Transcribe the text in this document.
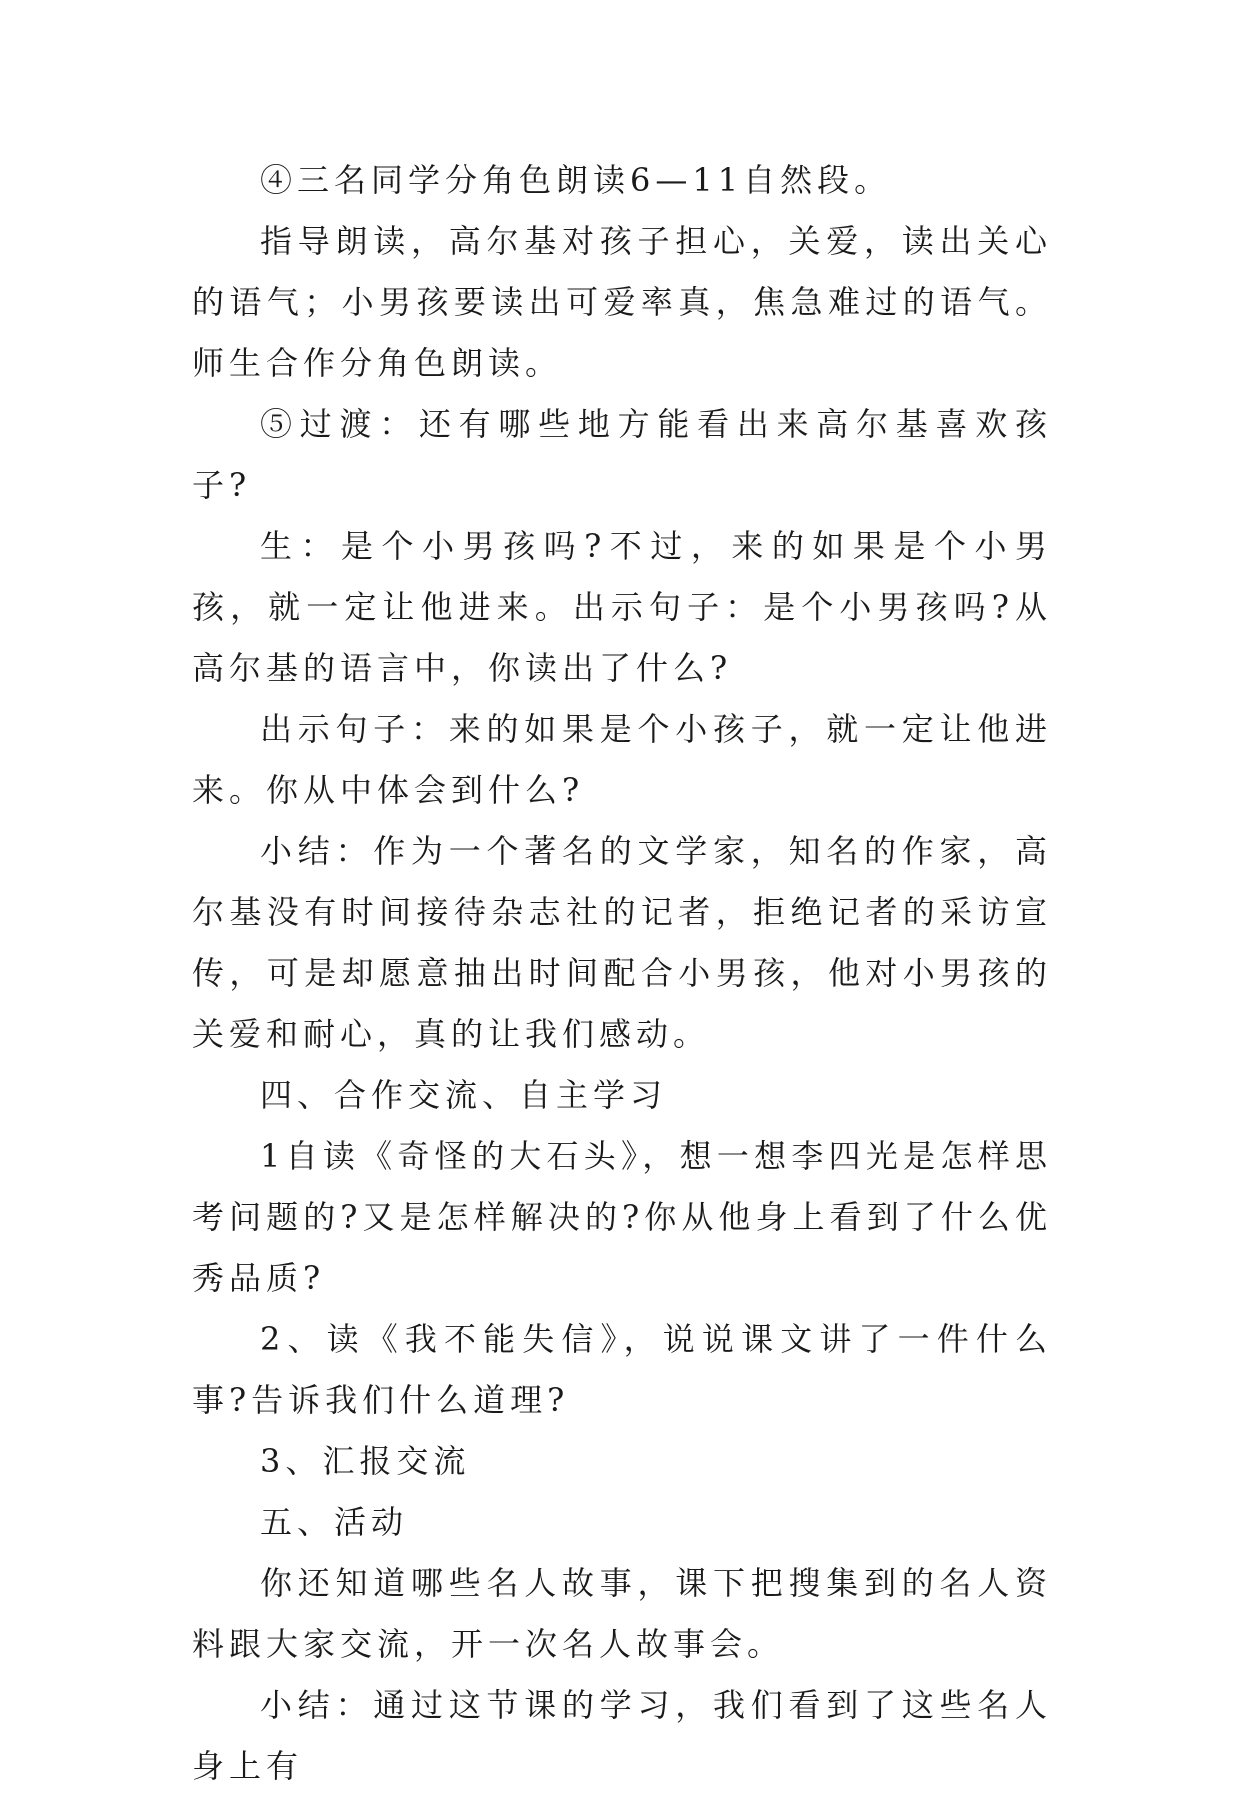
④三名同学分角色朗读6—11自然段。

指导朗读，高尔基对孩子担心，关爱，读出关心的语气；小男孩要读出可爱率真，焦急难过的语气。师生合作分角色朗读。

⑤过渡：还有哪些地方能看出来高尔基喜欢孩子?

生：是个小男孩吗?不过，来的如果是个小男孩，就一定让他进来。出示句子：是个小男孩吗?从高尔基的语言中，你读出了什么?

出示句子：来的如果是个小孩子，就一定让他进来。你从中体会到什么?

小结：作为一个著名的文学家，知名的作家，高尔基没有时间接待杂志社的记者，拒绝记者的采访宣传，可是却愿意抽出时间配合小男孩，他对小男孩的关爱和耐心，真的让我们感动。

四、合作交流、自主学习

1自读《奇怪的大石头》，想一想李四光是怎样思考问题的?又是怎样解决的?你从他身上看到了什么优秀品质?

2、读《我不能失信》，说说课文讲了一件什么事?告诉我们什么道理?

3、汇报交流

五、活动

你还知道哪些名人故事，课下把搜集到的名人资料跟大家交流，开一次名人故事会。

小结：通过这节课的学习，我们看到了这些名人身上有
